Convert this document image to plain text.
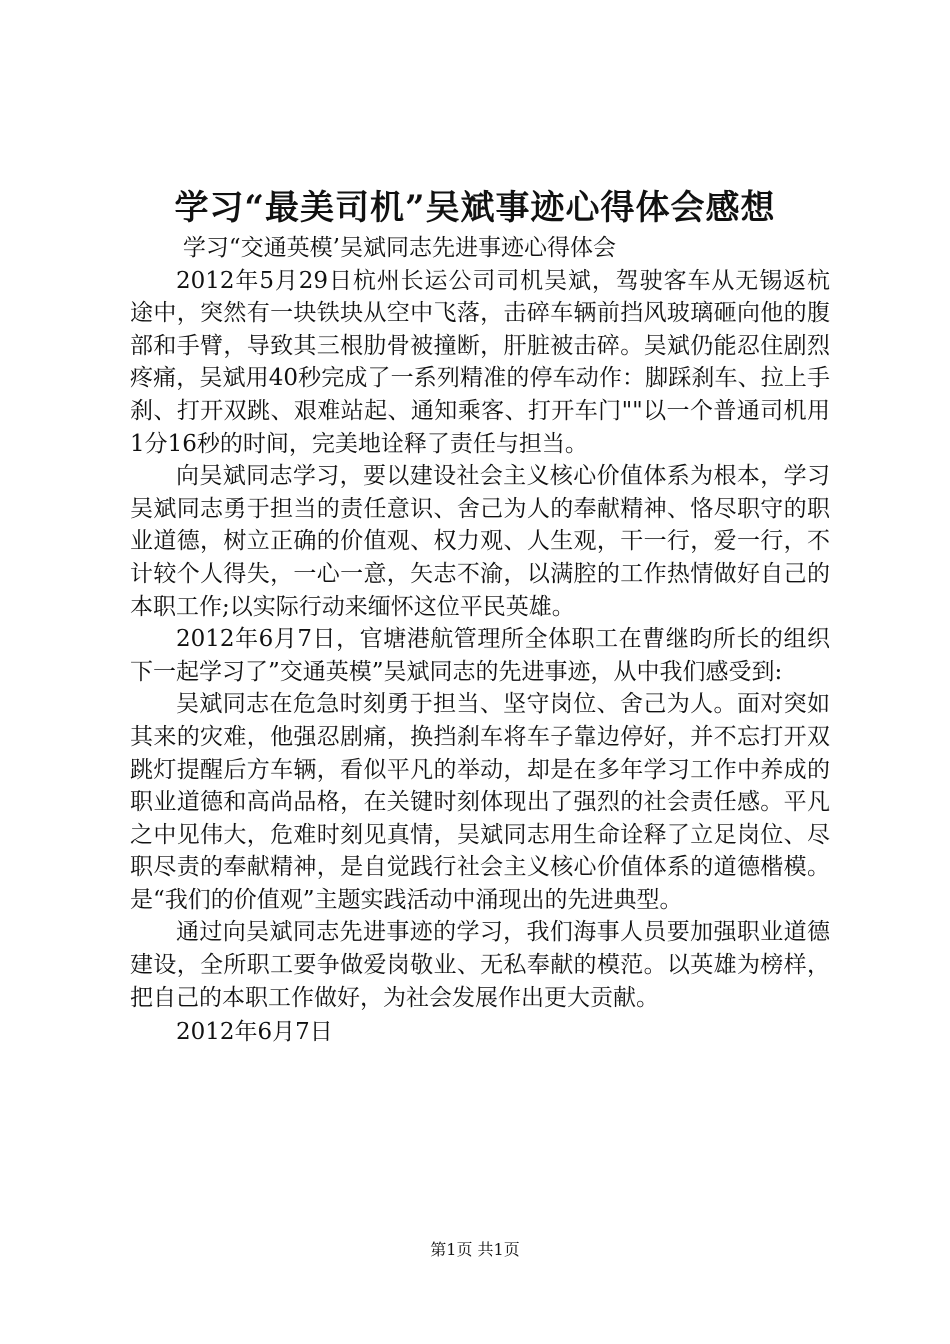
学习“最美司机”吴斌事迹心得体会感想

学习“交通英模’吴斌同志先进事迹心得体会

2012年5月29日杭州长运公司司机吴斌，驾驶客车从无锡返杭途中，突然有一块铁块从空中飞落，击碎车辆前挡风玻璃砸向他的腹部和手臂，导致其三根肋骨被撞断，肝脏被击碎。吴斌仍能忍住剧烈疼痛，吴斌用40秒完成了一系列精准的停车动作：脚踩刹车、拉上手刹、打开双跳、艰难站起、通知乘客、打开车门""以一个普通司机用1分16秒的时间，完美地诠释了责任与担当。

向吴斌同志学习，要以建设社会主义核心价值体系为根本，学习吴斌同志勇于担当的责任意识、舍己为人的奉献精神、恪尽职守的职业道德，树立正确的价值观、权力观、人生观，干一行，爱一行，不计较个人得失，一心一意，矢志不渝，以满腔的工作热情做好自己的本职工作;以实际行动来缅怀这位平民英雄。

2012年6月7日，官塘港航管理所全体职工在曹继昀所长的组织下一起学习了”交通英模”吴斌同志的先进事迹，从中我们感受到:

吴斌同志在危急时刻勇于担当、坚守岗位、舍己为人。面对突如其来的灾难，他强忍剧痛，换挡刹车将车子靠边停好，并不忘打开双跳灯提醒后方车辆，看似平凡的举动，却是在多年学习工作中养成的职业道德和高尚品格，在关键时刻体现出了强烈的社会责任感。平凡之中见伟大，危难时刻见真情，吴斌同志用生命诠释了立足岗位、尽职尽责的奉献精神，是自觉践行社会主义核心价值体系的道德楷模。是“我们的价值观”主题实践活动中涌现出的先进典型。

通过向吴斌同志先进事迹的学习，我们海事人员要加强职业道德建设，全所职工要争做爱岗敬业、无私奉献的模范。以英雄为榜样，把自己的本职工作做好，为社会发展作出更大贡献。

2012年6月7日

第1页 共1页
